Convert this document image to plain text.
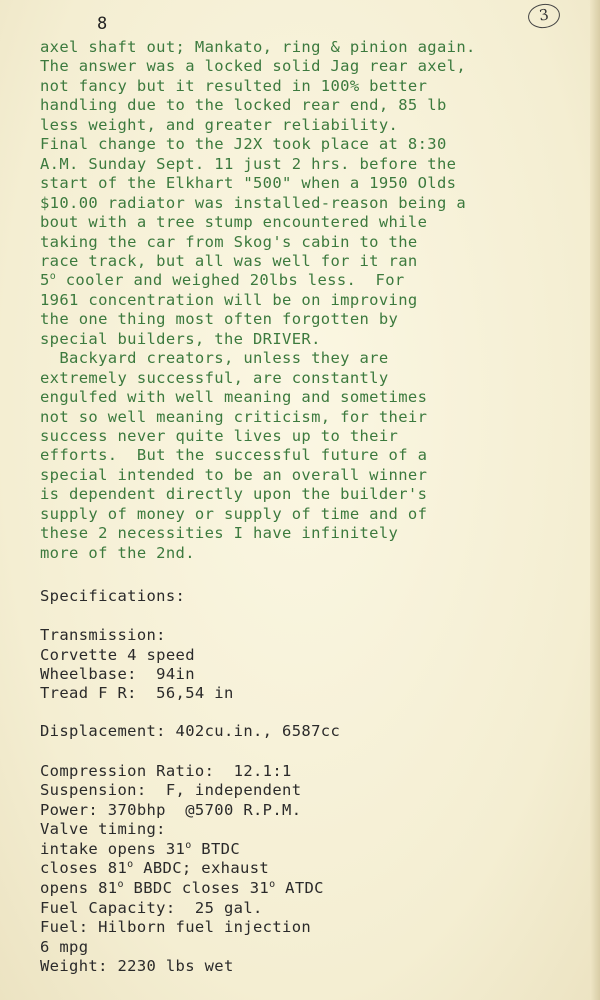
8	3
axel shaft out; Mankato, ring & pinion again.
The answer was a locked solid Jag rear axel,
not fancy but it resulted in 100% better
handling due to the locked rear end, 85 lb
less weight, and greater reliability.
Final change to the J2X took place at 8:30
A.M. Sunday Sept. 11 just 2 hrs. before the
start of the Elkhart "500" when a 1950 Olds
$10.00 radiator was installed-reason being a
bout with a tree stump encountered while
taking the car from Skog's cabin to the
race track, but all was well for it ran
5$^o$ cooler and weighed 20lbs less.  For
1961 concentration will be on improving
the one thing most often forgotten by
special builders, the DRIVER.
Backyard creators, unless they are
extremely successful, are constantly
engulfed with well meaning and sometimes
not so well meaning criticism, for their
success never quite lives up to their
efforts.  But the successful future of a
special intended to be an overall winner
is dependent directly upon the builder's
supply of money or supply of time and of
these 2 necessities I have infinitely
more of the 2nd.
Specifications:
Transmission:
Corvette 4 speed
Wheelbase:  94in
Tread F R:  56,54 in
Displacement: 402cu.in., 6587cc
Compression Ratio:  12.1:1
Suspension:  F, independent
Power: 370bhp  @5700 R.P.M.
Valve timing:
intake opens 31$^o$ BTDC
closes 81$^o$ ABDC; exhaust
opens 81$^o$ BBDC closes 31$^o$ ATDC
Fuel Capacity:  25 gal.
Fuel: Hilborn fuel injection
6 mpg
Weight: 2230 lbs wet
